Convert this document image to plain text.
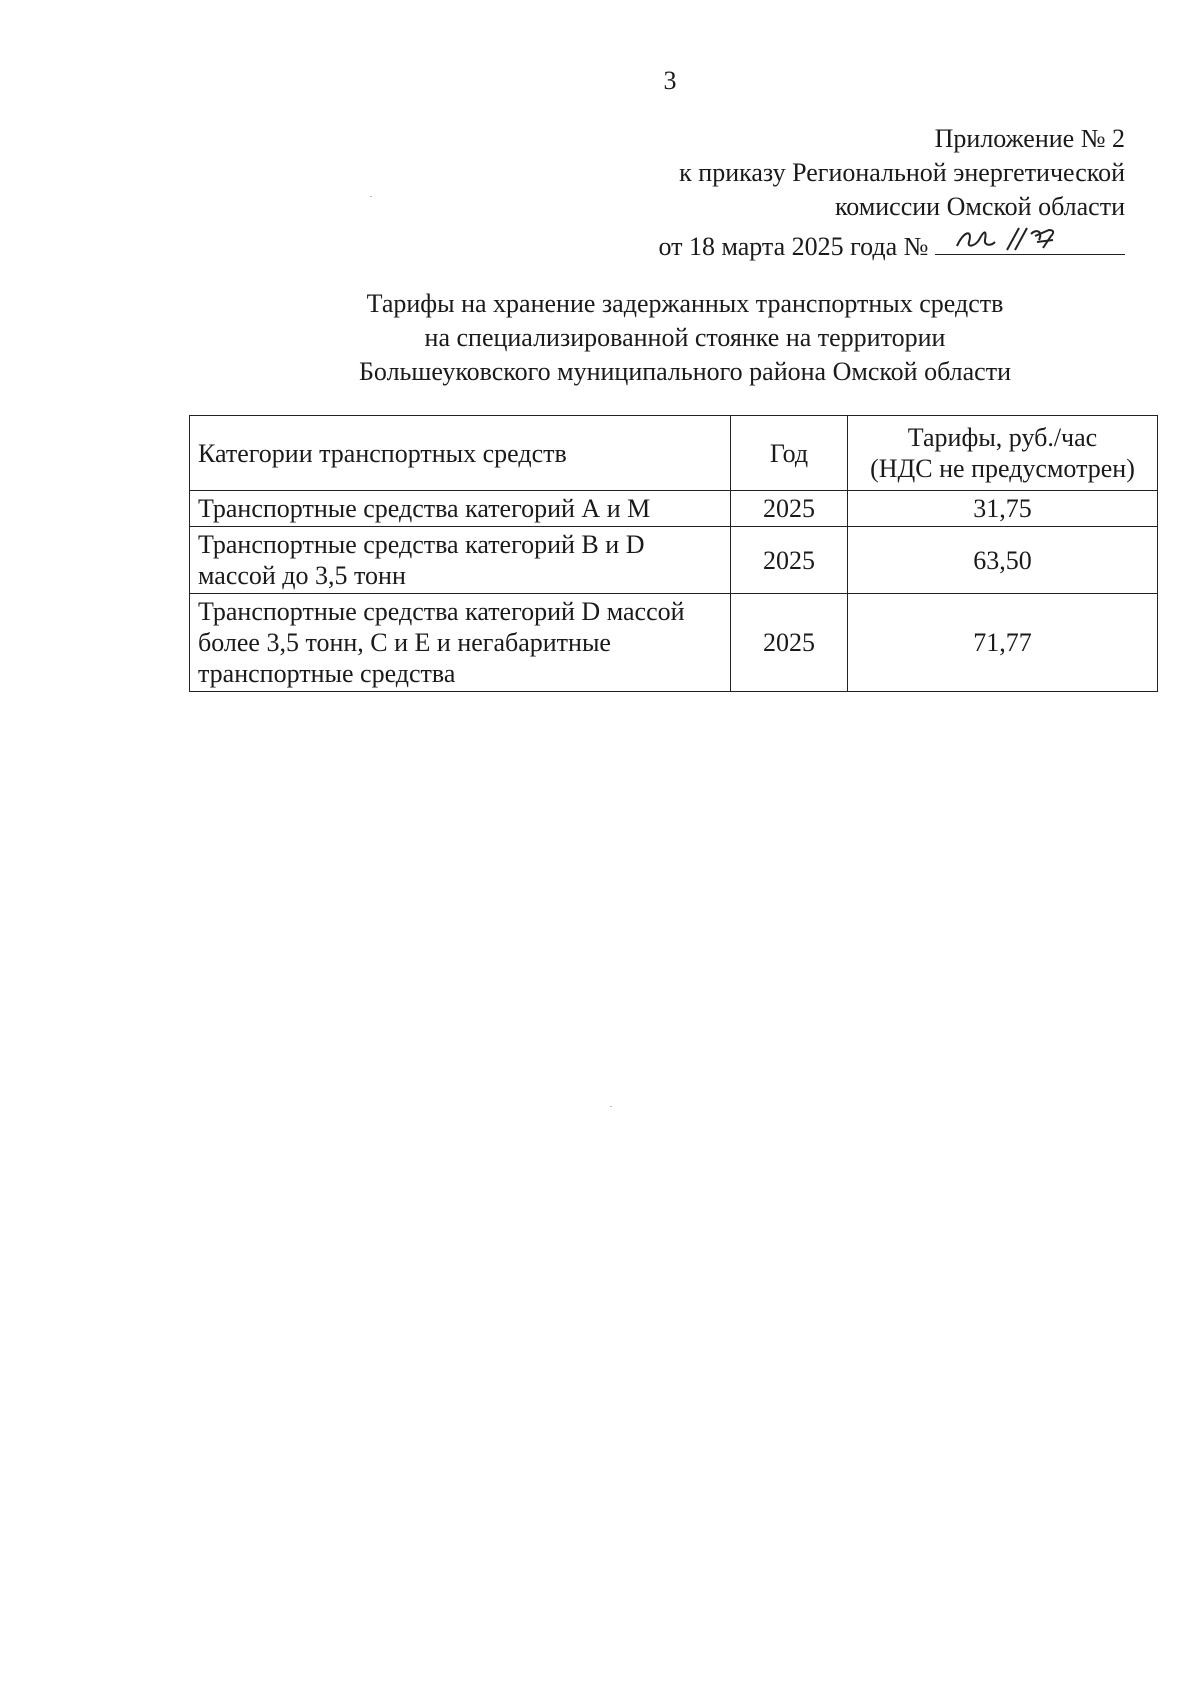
3
Приложение № 2
к приказу Региональной энергетической
комиссии Омской области
от 18 марта 2025 года №
Тарифы на хранение задержанных транспортных средств
на специализированной стоянке на территории
Большеуковского муниципального района Омской области
Категории транспортных средств	Год	Тарифы, руб./час
(НДС не предусмотрен)

Транспортные средства категорий А и М	2025	31,75
Транспортные средства категорий В и D массой до 3,5 тонн	2025	63,50
Транспортные средства категорий D массой более 3,5 тонн, С и Е и негабаритные транспортные средства	2025	71,77
